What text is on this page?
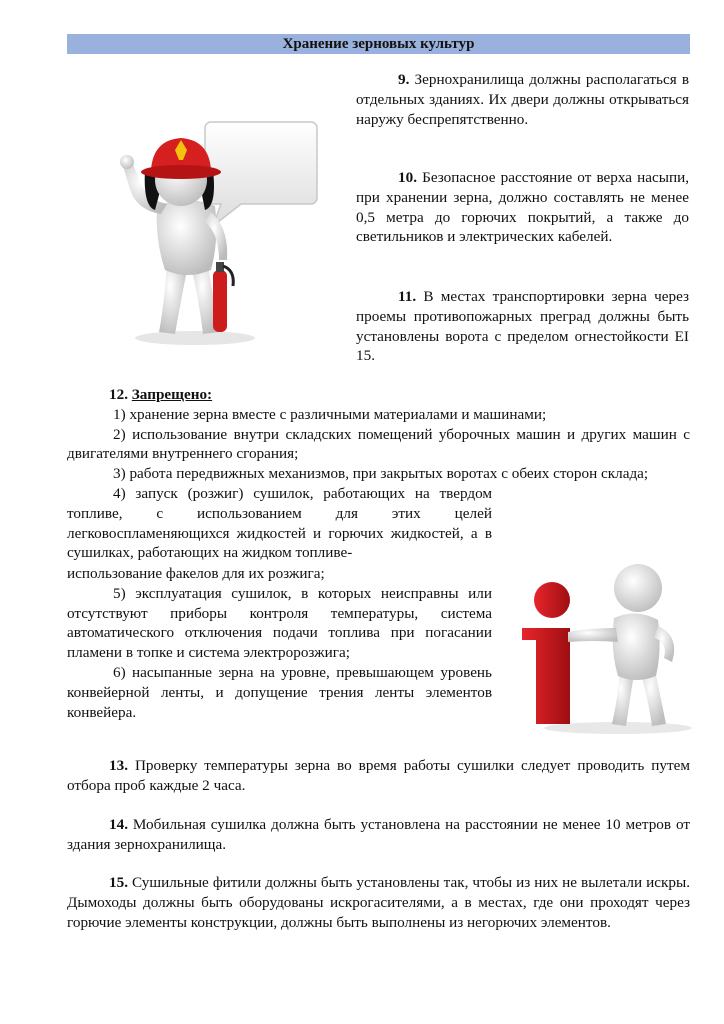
Хранение зерновых культур

9. Зернохранилища должны располагаться в отдельных зданиях. Их двери должны открываться наружу беспрепятственно.

10. Безопасное расстояние от верха насыпи, при хранении зерна, должно составлять не менее 0,5 метра до горючих покрытий, а также до светильников и электрических кабелей.

11. В местах транспортировки зерна через проемы противопожарных преград должны быть установлены ворота с пределом огнестойкости EI 15.

12. Запрещено:

1) хранение зерна вместе с различными материалами и машинами;

2) использование внутри складских помещений уборочных машин и других машин с двигателями внутреннего сгорания;

3) работа передвижных механизмов, при закрытых воротах с обеих сторон склада;

4) запуск (розжиг) сушилок, работающих на твердом топливе, с использованием для этих целей легковоспламеняющихся жидкостей и горючих жидкостей, а в сушилках, работающих на жидком топливе-

использование факелов для их розжига;

5) эксплуатация сушилок, в которых неисправны или отсутствуют приборы контроля температуры, система автоматического отключения подачи топлива при погасании пламени в топке и система электророзжига;

6) насыпанные зерна на уровне, превышающем уровень конвейерной ленты, и допущение трения ленты элементов конвейера.

13. Проверку температуры зерна во время работы сушилки следует проводить путем отбора проб каждые 2 часа.

14. Мобильная сушилка должна быть установлена на расстоянии не менее 10 метров от здания зернохранилища.

15. Сушильные фитили должны быть установлены так, чтобы из них не вылетали искры. Дымоходы должны быть оборудованы искрогасителями, а в местах, где они проходят через горючие элементы конструкции, должны быть выполнены из негорючих элементов.
